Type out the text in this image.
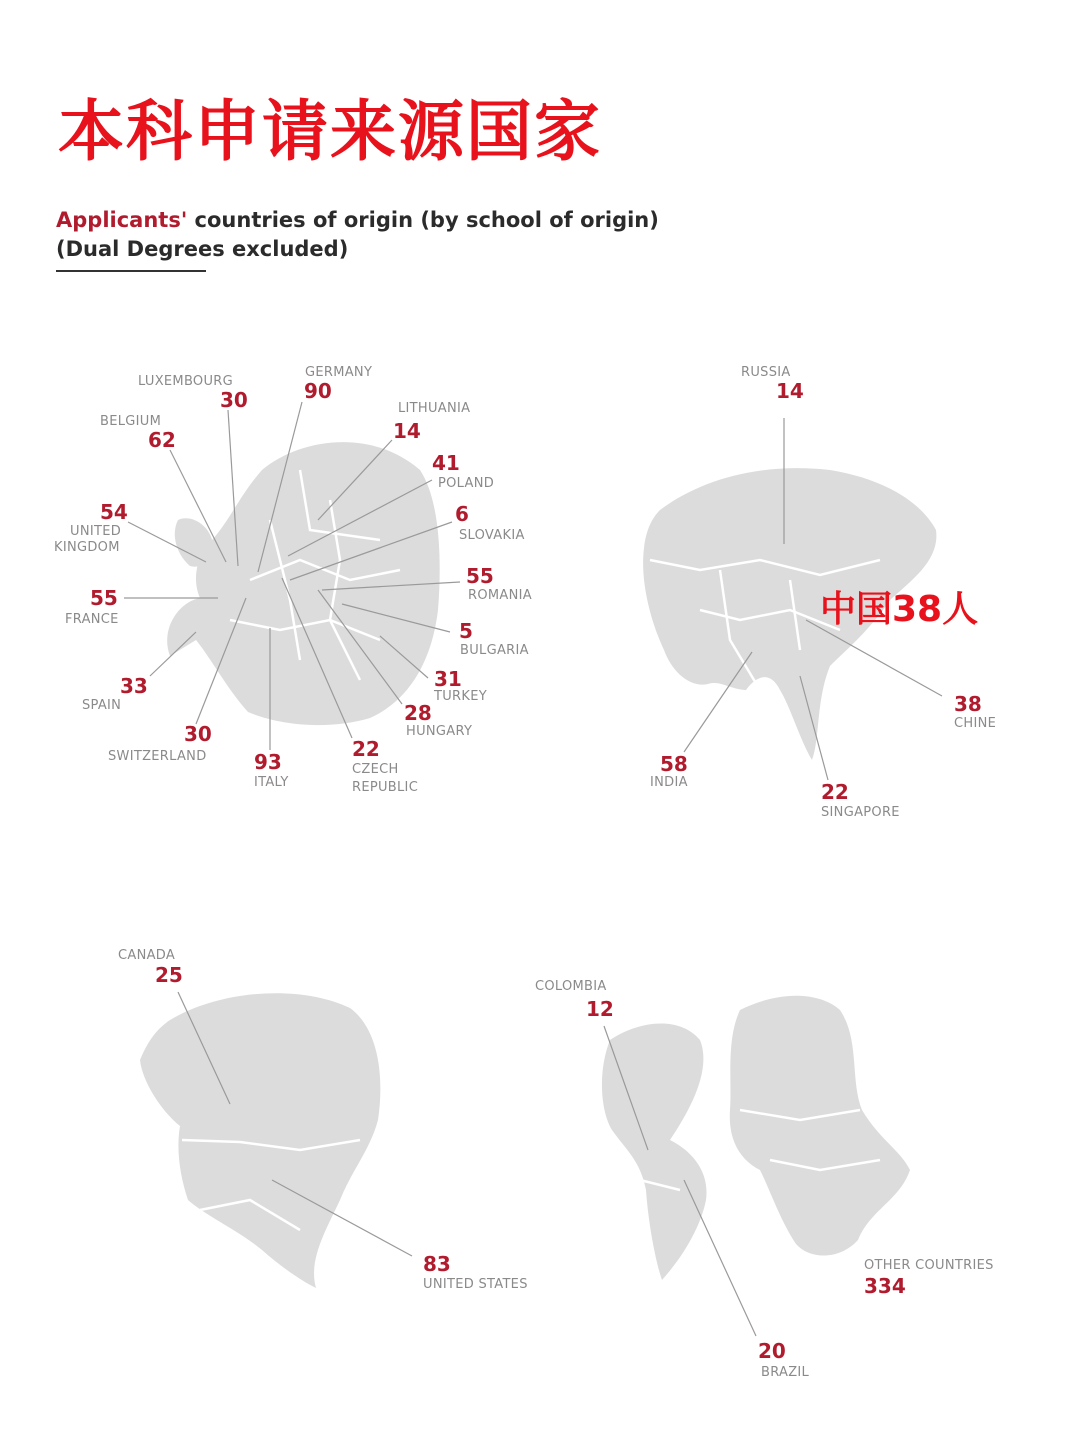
本科申请来源国家
Applicants' countries of origin (by school of origin)
(Dual Degrees excluded)
LUXEMBOURG
30
GERMANY
90
LITHUANIA
14
BELGIUM
62
41
POLAND
54
UNITED
KINGDOM
6
SLOVAKIA
55
ROMANIA
55
FRANCE	5
BULGARIA
33
SPAIN
31
TURKEY
28
HUNGARY
30
SWITZERLAND	22
CZECH
REPUBLIC
93
ITALY
RUSSIA
14
中国38人
38
CHINE
58
INDIA	22
SINGAPORE
CANADA
25
83
UNITED STATES
COLOMBIA
12
OTHER COUNTRIES
334
20
BRAZIL
